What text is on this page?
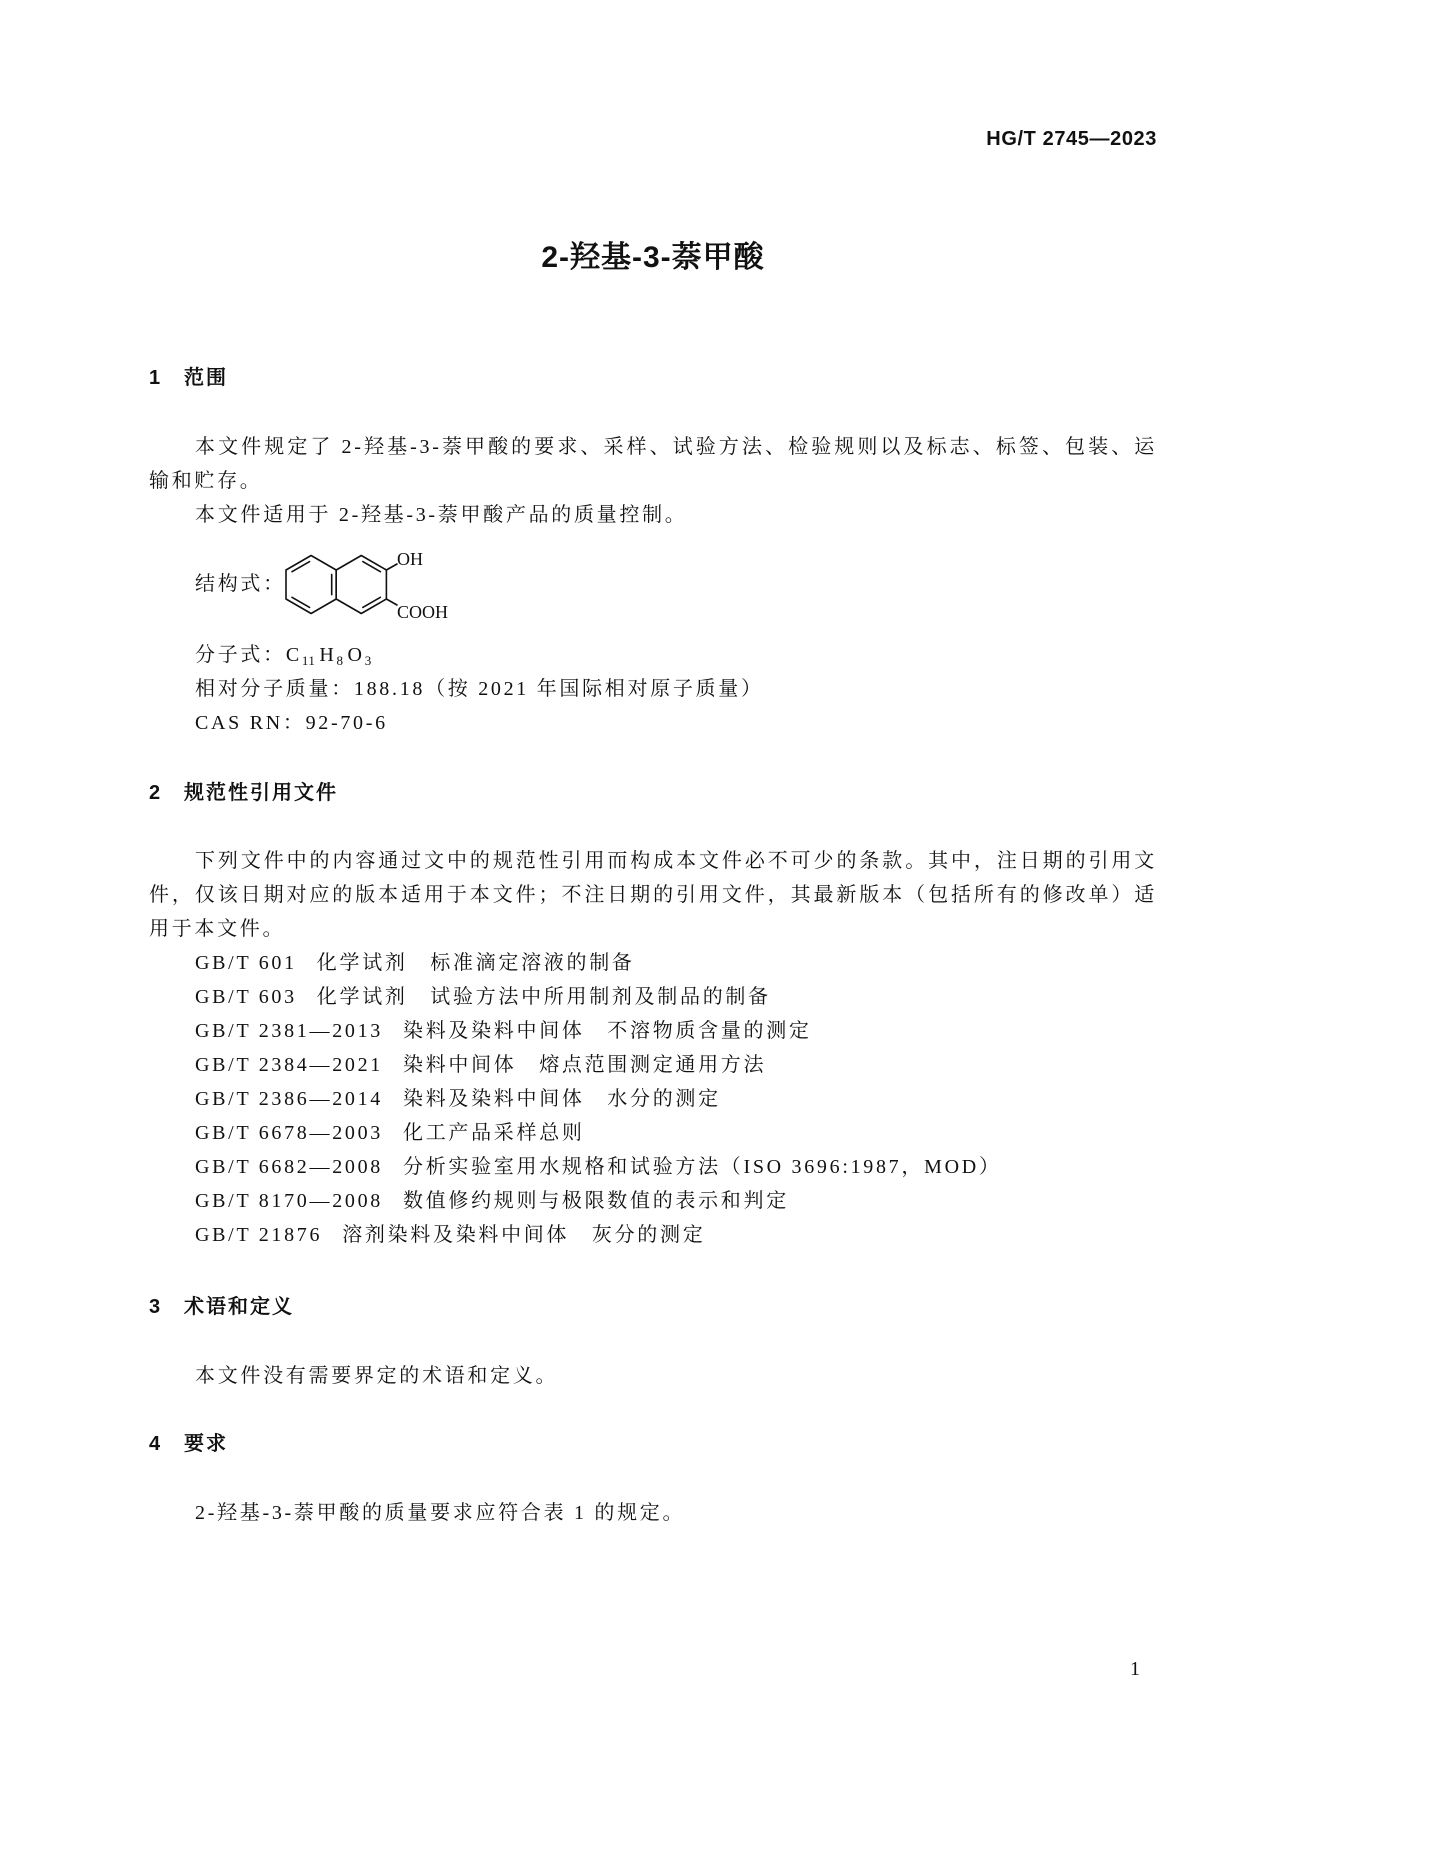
HG/T 2745—2023
2-羟基-3-萘甲酸
1	范围

本文件规定了 2-羟基-3-萘甲酸的要求、采样、试验方法、检验规则以及标志、标签、包装、运输和贮存。

本文件适用于 2-羟基-3-萘甲酸产品的质量控制。

结构式：
OH
COOH
分子式：$C_{11}$ $H_8$ $O_3$
相对分子质量：188.18（按 2021 年国际相对原子质量）
CAS RN：92-70-6
2	规范性引用文件

下列文件中的内容通过文中的规范性引用而构成本文件必不可少的条款。其中，注日期的引用文件，仅该日期对应的版本适用于本文件；不注日期的引用文件，其最新版本（包括所有的修改单）适用于本文件。

GB/T 601 化学试剂　标准滴定溶液的制备
GB/T 603 化学试剂　试验方法中所用制剂及制品的制备
GB/T 2381—2013 染料及染料中间体　不溶物质含量的测定
GB/T 2384—2021 染料中间体　熔点范围测定通用方法
GB/T 2386—2014 染料及染料中间体　水分的测定
GB/T 6678—2003 化工产品采样总则
GB/T 6682—2008 分析实验室用水规格和试验方法（ISO 3696:1987，MOD）
GB/T 8170—2008 数值修约规则与极限数值的表示和判定
GB/T 21876 溶剂染料及染料中间体　灰分的测定
3	术语和定义

本文件没有需要界定的术语和定义。

4	要求

2-羟基-3-萘甲酸的质量要求应符合表 1 的规定。

1
